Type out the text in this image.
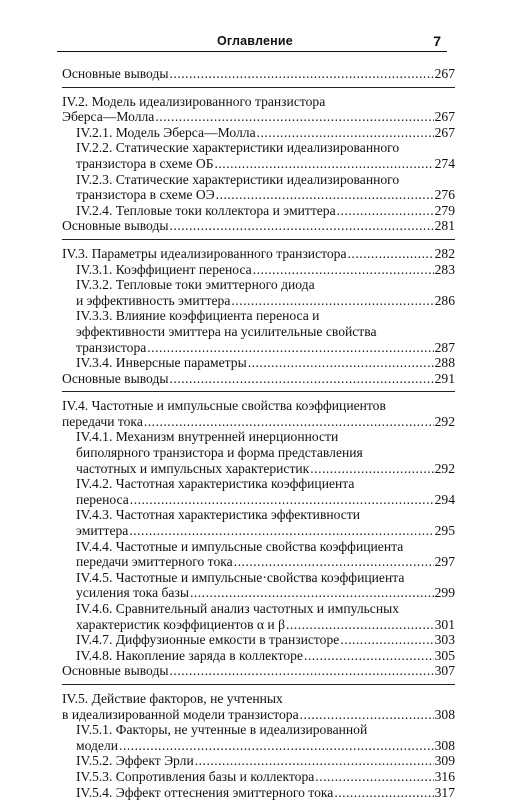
Оглавление	7
Основные выводы .....	267
IV.2. Модель идеализированного транзистора
Эберса—Молла .....	267
IV.2.1. Модель Эберса—Молла .....	267
IV.2.2. Статические характеристики идеализированного
транзистора в схеме ОБ .....	274
IV.2.3. Статические характеристики идеализированного
транзистора в схеме ОЭ .....	276
IV.2.4. Тепловые токи коллектора и эмиттера .....	279
Основные выводы .....	281
IV.3. Параметры идеализированного транзистора .....	282
IV.3.1. Коэффициент переноса .....	283
IV.3.2. Тепловые токи эмиттерного диода
и эффективность эмиттера .....	286
IV.3.3. Влияние коэффициента переноса и
эффективности эмиттера на усилительные свойства
транзистора .....	287
IV.3.4. Инверсные параметры .....	288
Основные выводы .....	291
IV.4. Частотные и импульсные свойства коэффициентов
передачи тока .....	292
IV.4.1. Механизм внутренней инерционности
биполярного транзистора и форма представления
частотных и импульсных характеристик .....	292
IV.4.2. Частотная характеристика коэффициента
переноса .....	294
IV.4.3. Частотная характеристика эффективности
эмиттера .....	295
IV.4.4. Частотные и импульсные свойства коэффициента
передачи эмиттерного тока .....	297
IV.4.5. Частотные и импульсные·свойства коэффициента
усиления тока базы .....	299
IV.4.6. Сравнительный анализ частотных и импульсных
характеристик коэффициентов α и β .....	301
IV.4.7. Диффузионные емкости в транзисторе .....	303
IV.4.8. Накопление заряда в коллекторе .....	305
Основные выводы .....	307
IV.5. Действие факторов, не учтенных
в идеализированной модели транзистора .....	308
IV.5.1. Факторы, не учтенные в идеализированной
модели .....	308
IV.5.2. Эффект Эрли .....	309
IV.5.3. Сопротивления базы и коллектора .....	316
IV.5.4. Эффект оттеснения эмиттерного тока .....	317
